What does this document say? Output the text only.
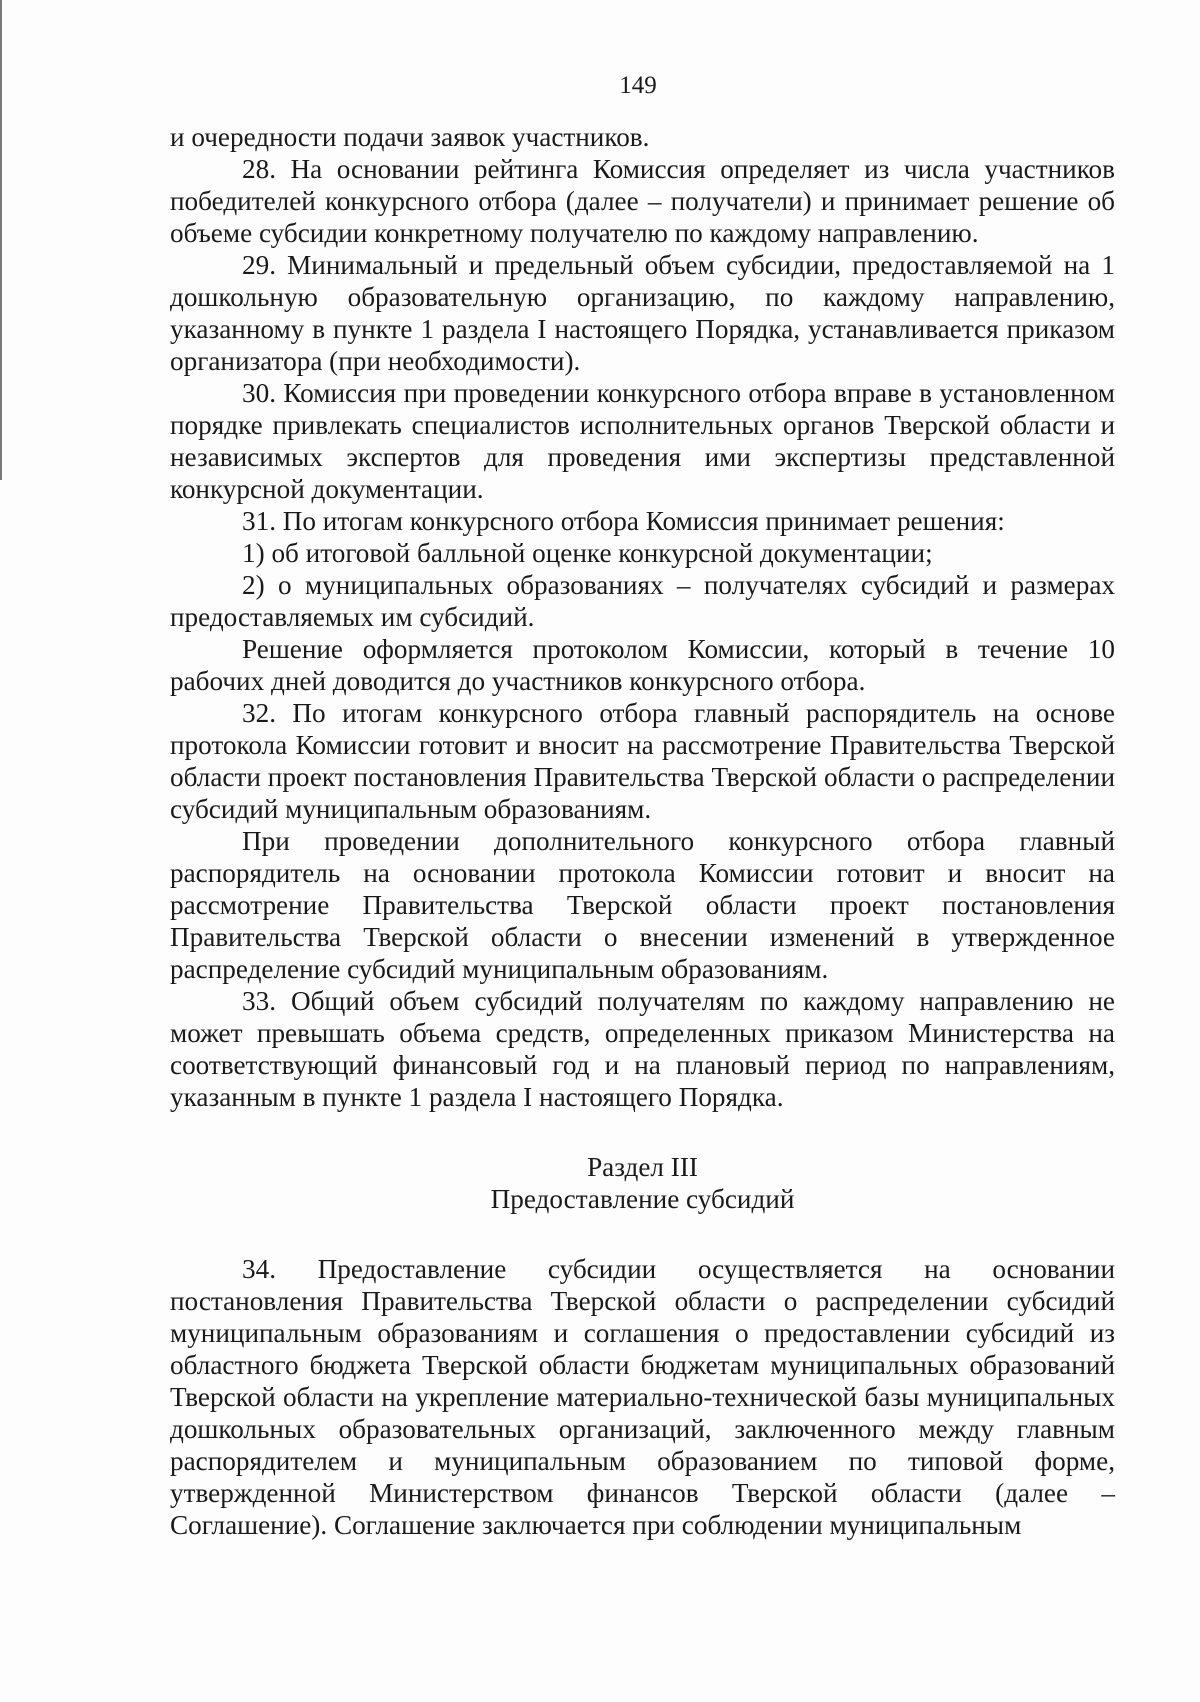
149

и очередности подачи заявок участников.

28. На основании рейтинга Комиссия определяет из числа участников победителей конкурсного отбора (далее – получатели) и принимает решение об объеме субсидии конкретному получателю по каждому направлению.

29. Минимальный и предельный объем субсидии, предоставляемой на 1 дошкольную образовательную организацию, по каждому направлению, указанному в пункте 1 раздела I настоящего Порядка, устанавливается приказом организатора (при необходимости).

30. Комиссия при проведении конкурсного отбора вправе в установленном порядке привлекать специалистов исполнительных органов Тверской области и независимых экспертов для проведения ими экспертизы представленной конкурсной документации.

31. По итогам конкурсного отбора Комиссия принимает решения:

1) об итоговой балльной оценке конкурсной документации;

2) о муниципальных образованиях – получателях субсидий и размерах предоставляемых им субсидий.

Решение оформляется протоколом Комиссии, который в течение 10 рабочих дней доводится до участников конкурсного отбора.

32. По итогам конкурсного отбора главный распорядитель на основе протокола Комиссии готовит и вносит на рассмотрение Правительства Тверской области проект постановления Правительства Тверской области о распределении субсидий муниципальным образованиям.

При проведении дополнительного конкурсного отбора главный распорядитель на основании протокола Комиссии готовит и вносит на рассмотрение Правительства Тверской области проект постановления Правительства Тверской области о внесении изменений в утвержденное распределение субсидий муниципальным образованиям.

33. Общий объем субсидий получателям по каждому направлению не может превышать объема средств, определенных приказом Министерства на соответствующий финансовый год и на плановый период по направлениям, указанным в пункте 1 раздела I настоящего Порядка.

Раздел III

Предоставление субсидий

34. Предоставление субсидии осуществляется на основании постановления Правительства Тверской области о распределении субсидий муниципальным образованиям и соглашения о предоставлении субсидий из областного бюджета Тверской области бюджетам муниципальных образований Тверской области на укрепление материально-технической базы муниципальных дошкольных образовательных организаций, заключенного между главным распорядителем и муниципальным образованием по типовой форме, утвержденной Министерством финансов Тверской области (далее – Соглашение). Соглашение заключается при соблюдении муниципальным
